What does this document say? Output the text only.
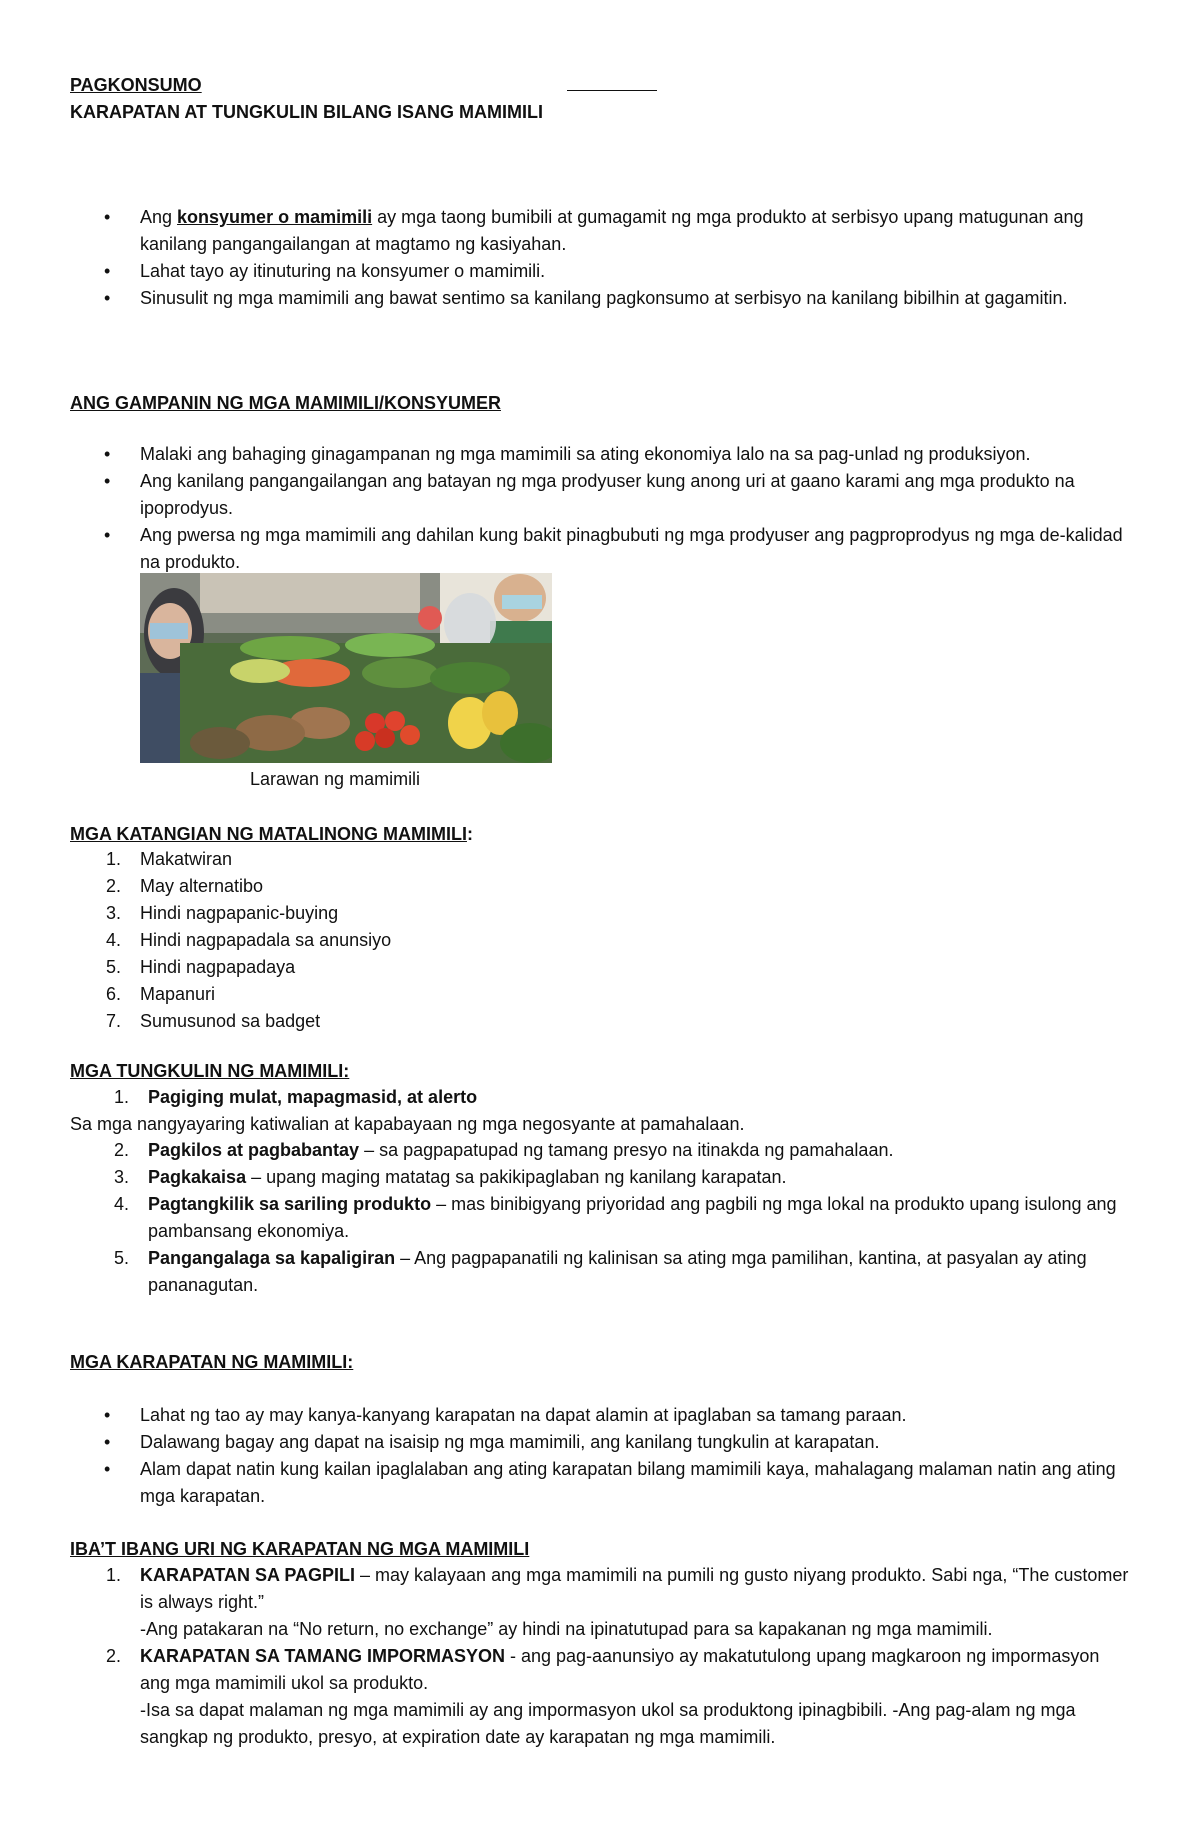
PAGKONSUMO
KARAPATAN AT TUNGKULIN BILANG ISANG MAMIMILI
• Ang konsyumer o mamimili ay mga taong bumibili at gumagamit ng mga produkto at serbisyo upang matugunan ang kanilang pangangailangan at magtamo ng kasiyahan.
• Lahat tayo ay itinuturing na konsyumer o mamimili.
• Sinusulit ng mga mamimili ang bawat sentimo sa kanilang pagkonsumo at serbisyo na kanilang bibilhin at gagamitin.
ANG GAMPANIN NG MGA MAMIMILI/KONSYUMER
• Malaki ang bahaging ginagampanan ng mga mamimili sa ating ekonomiya lalo na sa pag-unlad ng produksiyon.
• Ang kanilang pangangailangan ang batayan ng mga prodyuser kung anong uri at gaano karami ang mga produkto na ipoprodyus.
• Ang pwersa ng mga mamimili ang dahilan kung bakit pinagbubuti ng mga prodyuser ang pagproprodyus ng mga de-kalidad na produkto.
Larawan ng mamimili
MGA KATANGIAN NG MATALINONG MAMIMILI:
1. Makatwiran
2. May alternatibo
3. Hindi nagpapanic-buying
4. Hindi nagpapadala sa anunsiyo
5. Hindi nagpapadaya
6. Mapanuri
7. Sumusunod sa badget
MGA TUNGKULIN NG MAMIMILI:
1. Pagiging mulat, mapagmasid, at alerto
Sa mga nangyayaring katiwalian at kapabayaan ng mga negosyante at pamahalaan.
2. Pagkilos at pagbabantay – sa pagpapatupad ng tamang presyo na itinakda ng pamahalaan.
3. Pagkakaisa – upang maging matatag sa pakikipaglaban ng kanilang karapatan.
4. Pagtangkilik sa sariling produkto – mas binibigyang priyoridad ang pagbili ng mga lokal na produkto upang isulong ang pambansang ekonomiya.
5. Pangangalaga sa kapaligiran – Ang pagpapanatili ng kalinisan sa ating mga pamilihan, kantina, at pasyalan ay ating pananagutan.
MGA KARAPATAN NG MAMIMILI:
• Lahat ng tao ay may kanya-kanyang karapatan na dapat alamin at ipaglaban sa tamang paraan.
• Dalawang bagay ang dapat na isaisip ng mga mamimili, ang kanilang tungkulin at karapatan.
• Alam dapat natin kung kailan ipaglalaban ang ating karapatan bilang mamimili kaya, mahalagang malaman natin ang ating mga karapatan.
IBA’T IBANG URI NG KARAPATAN NG MGA MAMIMILI
1. KARAPATAN SA PAGPILI – may kalayaan ang mga mamimili na pumili ng gusto niyang produkto. Sabi nga, “The customer is always right.”
-Ang patakaran na “No return, no exchange” ay hindi na ipinatutupad para sa kapakanan ng mga mamimili.
2. KARAPATAN SA TAMANG IMPORMASYON - ang pag-aanunsiyo ay makatutulong upang magkaroon ng impormasyon ang mga mamimili ukol sa produkto.
-Isa sa dapat malaman ng mga mamimili ay ang impormasyon ukol sa produktong ipinagbibili. -Ang pag-alam ng mga sangkap ng produkto, presyo, at expiration date ay karapatan ng mga mamimili.
